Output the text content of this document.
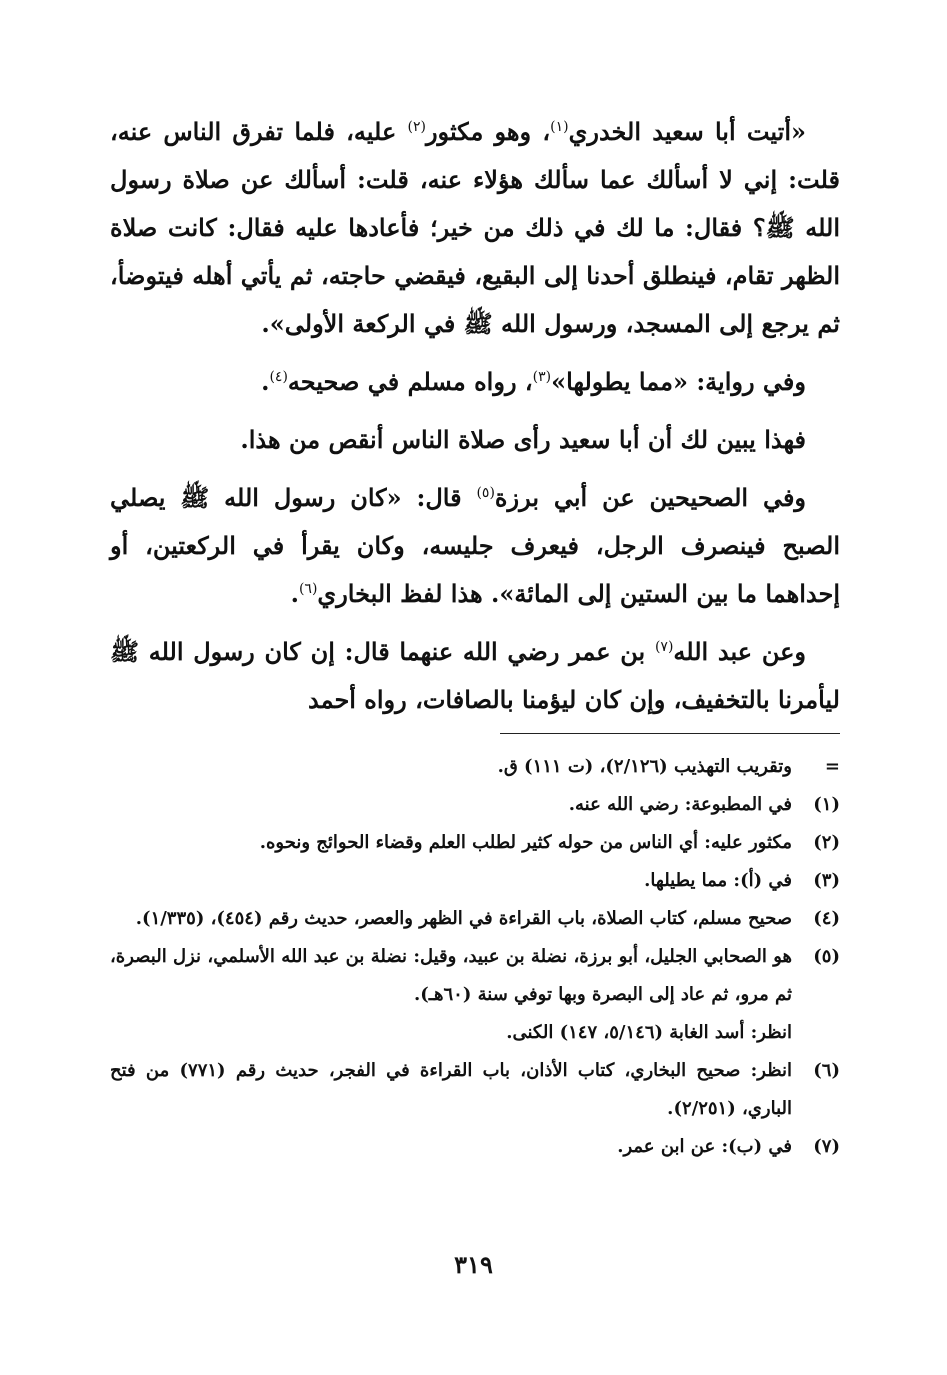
«أتيت أبا سعيد الخدري$^{(١)}$، وهو مكثور$^{(٢)}$ عليه، فلما تفرق الناس عنه، قلت: إني لا أسألك عما سألك هؤلاء عنه، قلت: أسألك عن صلاة رسول الله ﷺ؟ فقال: ما لك في ذلك من خير؛ فأعادها عليه فقال: كانت صلاة الظهر تقام، فينطلق أحدنا إلى البقيع، فيقضي حاجته، ثم يأتي أهله فيتوضأ، ثم يرجع إلى المسجد، ورسول الله ﷺ في الركعة الأولى».

وفي رواية: «مما يطولها»$^{(٣)}$، رواه مسلم في صحيحه$^{(٤)}$.

فهذا يبين لك أن أبا سعيد رأى صلاة الناس أنقص من هذا.

وفي الصحيحين عن أبي برزة$^{(٥)}$ قال: «كان رسول الله ﷺ يصلي الصبح فينصرف الرجل، فيعرف جليسه، وكان يقرأ في الركعتين، أو إحداهما ما بين الستين إلى المائة». هذا لفظ البخاري$^{(٦)}$.

وعن عبد الله$^{(٧)}$ بن عمر رضي الله عنهما قال: إن كان رسول الله ﷺ ليأمرنا بالتخفيف، وإن كان ليؤمنا بالصافات، رواه أحمد

=
وتقريب التهذيب (٢/١٢٦)، (ت ١١١) ق.
(١)
في المطبوعة: رضي الله عنه.
(٢)
مكثور عليه: أي الناس من حوله كثير لطلب العلم وقضاء الحوائج ونحوه.
(٣)
في (أ): مما يطيلها.
(٤)
صحيح مسلم، كتاب الصلاة، باب القراءة في الظهر والعصر، حديث رقم (٤٥٤)، (١/٣٣٥).
(٥)
هو الصحابي الجليل، أبو برزة، نضلة بن عبيد، وقيل: نضلة بن عبد الله الأسلمي، نزل البصرة، ثم مرو، ثم عاد إلى البصرة وبها توفي سنة (٦٠هـ).
انظر: أسد الغابة (٥/١٤٦، ١٤٧) الكنى.
(٦)
انظر: صحيح البخاري، كتاب الأذان، باب القراءة في الفجر، حديث رقم (٧٧١) من فتح الباري، (٢/٢٥١).
(٧)
في (ب): عن ابن عمر.
٣١٩
